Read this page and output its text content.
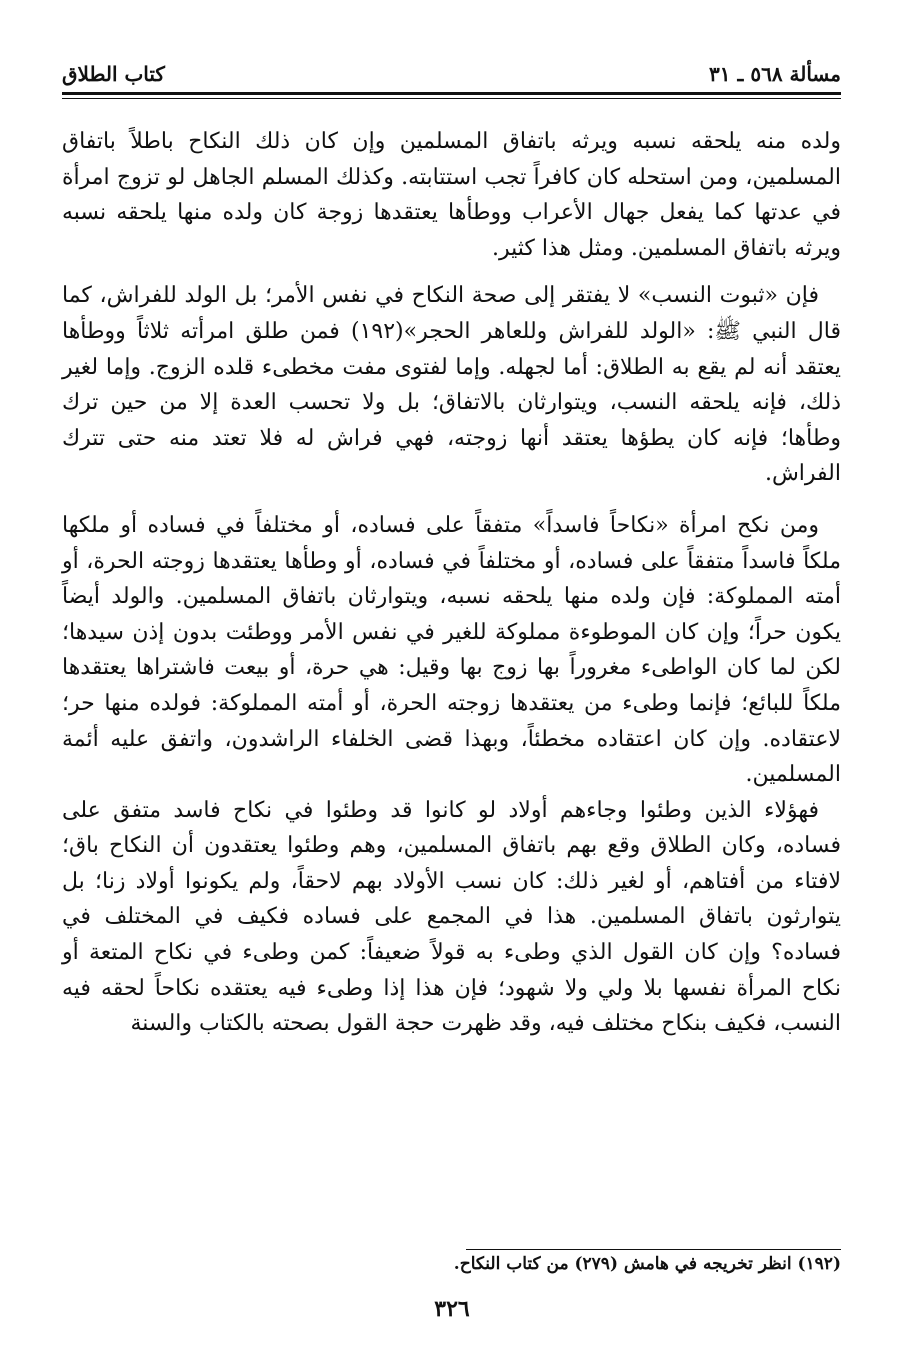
مسألة ٥٦٨ ـ ٣١
كتاب الطلاق

ولده منه يلحقه نسبه ويرثه باتفاق المسلمين وإن كان ذلك النكاح باطلاً باتفاق المسلمين، ومن استحله كان كافراً تجب استتابته. وكذلك المسلم الجاهل لو تزوج امرأة في عدتها كما يفعل جهال الأعراب ووطأها يعتقدها زوجة كان ولده منها يلحقه نسبه ويرثه باتفاق المسلمين. ومثل هذا كثير.

فإن «ثبوت النسب» لا يفتقر إلى صحة النكاح في نفس الأمر؛ بل الولد للفراش، كما قال النبي ﷺ: «الولد للفراش وللعاهر الحجر»(١٩٢) فمن طلق امرأته ثلاثاً ووطأها يعتقد أنه لم يقع به الطلاق: أما لجهله. وإما لفتوى مفت مخطىء قلده الزوج. وإما لغير ذلك، فإنه يلحقه النسب، ويتوارثان بالاتفاق؛ بل ولا تحسب العدة إلا من حين ترك وطأها؛ فإنه كان يطؤها يعتقد أنها زوجته، فهي فراش له فلا تعتد منه حتى تترك الفراش.

ومن نكح امرأة «نكاحاً فاسداً» متفقاً على فساده، أو مختلفاً في فساده أو ملكها ملكاً فاسداً متفقاً على فساده، أو مختلفاً في فساده، أو وطأها يعتقدها زوجته الحرة، أو أمته المملوكة: فإن ولده منها يلحقه نسبه، ويتوارثان باتفاق المسلمين. والولد أيضاً يكون حراً؛ وإن كان الموطوءة مملوكة للغير في نفس الأمر ووطئت بدون إذن سيدها؛ لكن لما كان الواطىء مغروراً بها زوج بها وقيل: هي حرة، أو بيعت فاشتراها يعتقدها ملكاً للبائع؛ فإنما وطىء من يعتقدها زوجته الحرة، أو أمته المملوكة: فولده منها حر؛ لاعتقاده. وإن كان اعتقاده مخطئاً، وبهذا قضى الخلفاء الراشدون، واتفق عليه أئمة المسلمين.

فهؤلاء الذين وطئوا وجاءهم أولاد لو كانوا قد وطئوا في نكاح فاسد متفق على فساده، وكان الطلاق وقع بهم باتفاق المسلمين، وهم وطئوا يعتقدون أن النكاح باق؛ لافتاء من أفتاهم، أو لغير ذلك: كان نسب الأولاد بهم لاحقاً، ولم يكونوا أولاد زنا؛ بل يتوارثون باتفاق المسلمين. هذا في المجمع على فساده فكيف في المختلف في فساده؟ وإن كان القول الذي وطىء به قولاً ضعيفاً: كمن وطىء في نكاح المتعة أو نكاح المرأة نفسها بلا ولي ولا شهود؛ فإن هذا إذا وطىء فيه يعتقده نكاحاً لحقه فيه النسب، فكيف بنكاح مختلف فيه، وقد ظهرت حجة القول بصحته بالكتاب والسنة

(١٩٢) انظر تخريجه في هامش (٢٧٩) من كتاب النكاح.
٣٢٦
